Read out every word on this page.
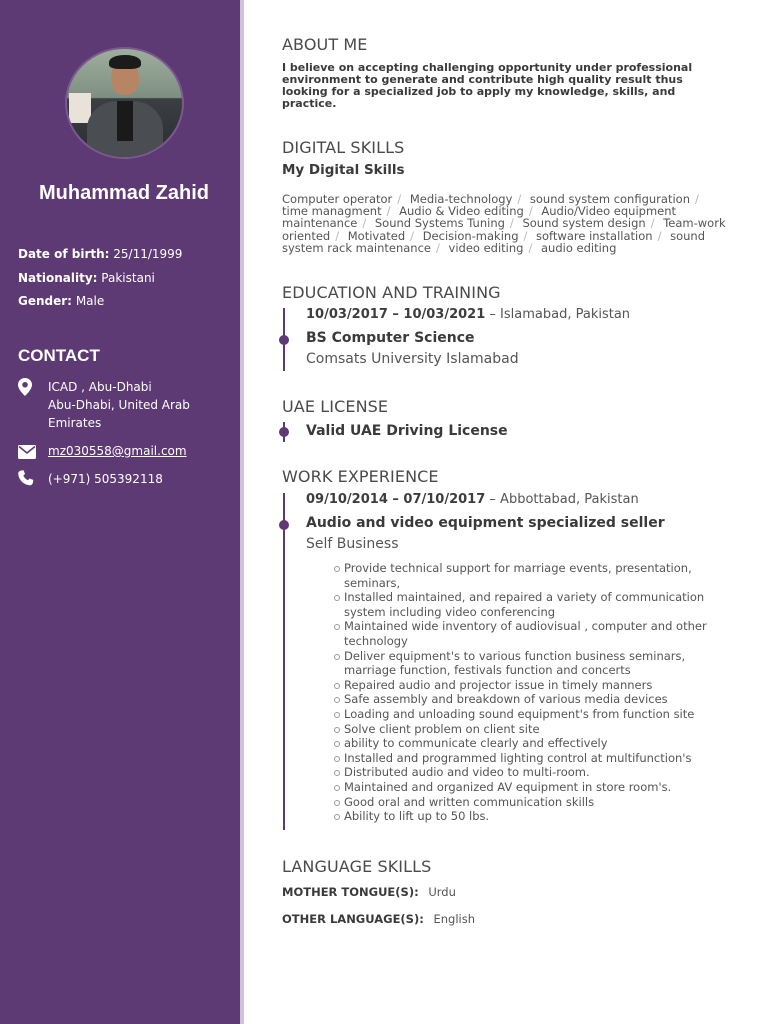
Muhammad Zahid
Date of birth: 25/11/1999
Nationality: Pakistani
Gender: Male
CONTACT
ICAD , Abu-Dhabi
Abu-Dhabi, United Arab
Emirates
mz030558@gmail.com
(+971) 505392118
ABOUT ME
I believe on accepting challenging opportunity under professional environment to generate and contribute high quality result thus looking for a specialized job to apply my knowledge, skills, and practice.
DIGITAL SKILLS
My Digital Skills
Computer operator / Media-technology / sound system configuration / time managment / Audio & Video editing / Audio/Video equipment maintenance / Sound Systems Tuning / Sound system design / Team-work oriented / Motivated / Decision-making / software installation / sound system rack maintenance / video editing / audio editing
EDUCATION AND TRAINING
10/03/2017 – 10/03/2021 – Islamabad, Pakistan
BS Computer Science
Comsats University Islamabad
UAE LICENSE
Valid UAE Driving License
WORK EXPERIENCE
09/10/2014 – 07/10/2017 – Abbottabad, Pakistan
Audio and video equipment specialized seller
Self Business
Provide technical support for marriage events, presentation, seminars,
Installed maintained, and repaired a variety of communication system including video conferencing
Maintained wide inventory of audiovisual , computer and other technology
Deliver equipment's to various function business seminars, marriage function, festivals function and concerts
Repaired audio and projector issue in timely manners
Safe assembly and breakdown of various media devices
Loading and unloading sound equipment's from function site
Solve client problem on client site
ability to communicate clearly and effectively
Installed and programmed lighting control at multifunction's
Distributed audio and video to multi-room.
Maintained and organized AV equipment in store room's.
Good oral and written communication skills
Ability to lift up to 50 lbs.
LANGUAGE SKILLS
MOTHER TONGUE(S): Urdu
OTHER LANGUAGE(S): English
